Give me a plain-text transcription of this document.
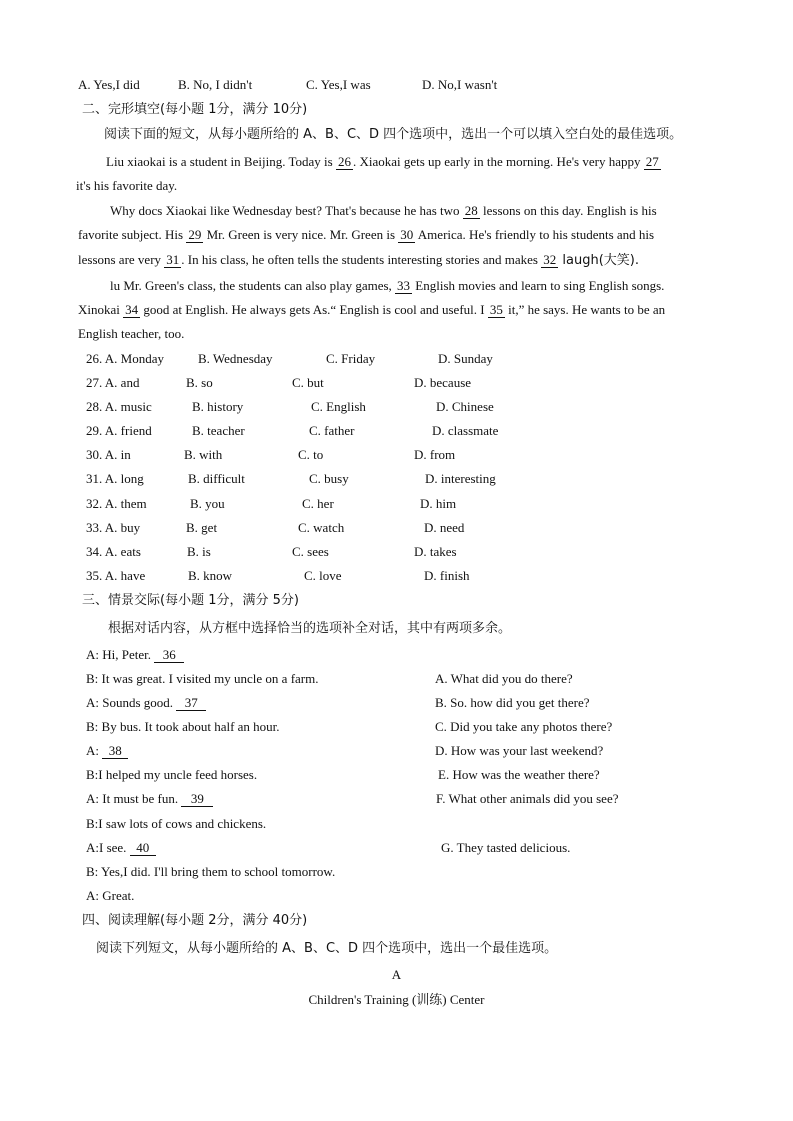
A. Yes,I did	B. No, I didn't	C. Yes,I was	D. No,I wasn't
二、完形填空(每小题 1分，满分 10分)
阅读下面的短文，从每小题所给的 A、B、C、D 四个选项中，选出一个可以填入空白处的最佳选项。
Liu xiaokai is a student in Beijing. Today is 26 . Xiaokai gets up early in the morning. He's very happy 27
it's his favorite day.
Why docs Xiaokai like Wednesday best? That's because he has two 28 lessons on this day. English is his
favorite subject. His 29 Mr. Green is very nice. Mr. Green is 30 America. He's friendly to his students and his
lessons are very 31 . In his class, he often tells the students interesting stories and makes 32 laugh(大笑).
lu Mr. Green's class, the students can also play games, 33 English movies and learn to sing English songs.
Xinokai 34 good at English. He always gets As.“ English is cool and useful. I 35 it,” he says. He wants to be an
English teacher, too.
26. A. Monday	B. Wednesday	C. Friday	D. Sunday
27. A. and	B. so	C. but	D. because
28. A. music	B. history	C. English	D. Chinese
29. A. friend	B. teacher	C. father	D. classmate
30. A. in	B. with	C. to	D. from
31. A. long	B. difficult	C. busy	D. interesting
32. A. them	B. you	C. her	D. him
33. A. buy	B. get	C. watch	D. need
34. A. eats	B. is	C. sees	D. takes
35. A. have	B. know	C. love	D. finish
三、情景交际(每小题 1分，满分 5分)
根据对话内容，从方框中选择恰当的选项补全对话，其中有两项多余。
A: Hi, Peter. 36
B: It was great. I visited my uncle on a farm.
A: Sounds good. 37
B: By bus. It took about half an hour.
A: 38
B:I helped my uncle feed horses.
A: It must be fun. 39
B:I saw lots of cows and chickens.
A:I see. 40
B: Yes,I did. I'll bring them to school tomorrow.
A: Great.
A. What did you do there?
B. So. how did you get there?
C. Did you take any photos there?
D. How was your last weekend?
E. How was the weather there?
F. What other animals did you see?
G. They tasted delicious.
四、阅读理解(每小题 2分，满分 40分)
阅读下列短文，从每小题所给的 A、B、C、D 四个选项中，选出一个最佳选项。
A
Children's Training (训练) Center
